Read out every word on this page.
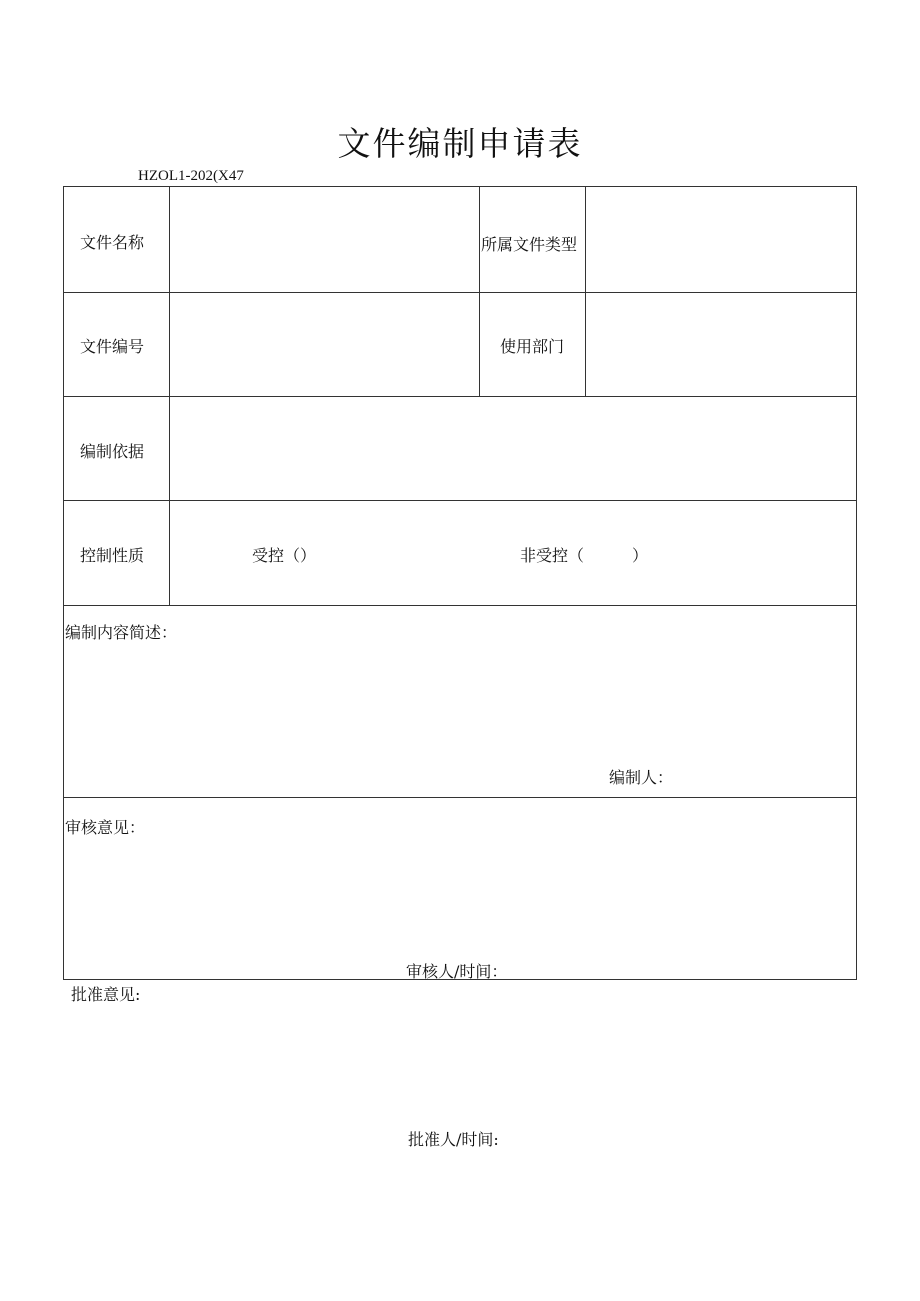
文件编制申请表
HZOL1-202(X47
文件名称	所属文件类型
文件编号	使用部门
编制依据
控制性质	受控（）	非受控（　　　）
编制内容简述：
编制人：
审核意见：
审核人/时间：
批准意见:
批准人/时间:
